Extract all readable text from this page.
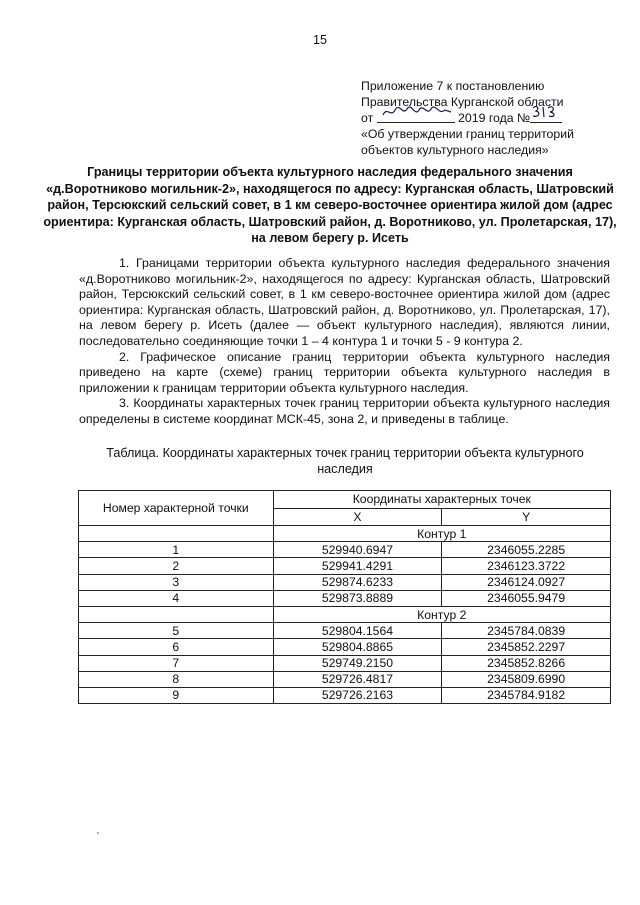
15
Приложение 7 к постановлению
Правительства Курганской области
от	2019 года №
«Об утверждении границ территорий
объектов культурного наследия»
Границы территории объекта культурного наследия федерального значения «д.Воротниково могильник-2», находящегося по адресу: Курганская область, Шатровский район, Терсюкский сельский совет, в 1 км северо-восточнее ориентира жилой дом (адрес ориентира: Курганская область, Шатровский район, д. Воротниково, ул. Пролетарская, 17), на левом берегу р. Исеть

1. Границами территории объекта культурного наследия федерального значения «д.Воротниково могильник-2», находящегося по адресу: Курганская область, Шатровский район, Терсюкский сельский совет, в 1 км северо-восточнее ориентира жилой дом (адрес ориентира: Курганская область, Шатровский район, д. Воротниково, ул. Пролетарская, 17), на левом берегу р. Исеть (далее — объект культурного наследия), являются линии, последовательно соединяющие точки 1 – 4 контура 1 и точки 5 - 9 контура 2.

2. Графическое описание границ территории объекта культурного наследия приведено на карте (схеме) границ территории объекта культурного наследия в приложении к границам территории объекта культурного наследия.

3. Координаты характерных точек границ территории объекта культурного наследия определены в системе координат МСК-45, зона 2, и приведены в таблице.

Таблица. Координаты характерных точек границ территории объекта культурного наследия
Номер характерной точки	Координаты характерных точек	
	X	Y
	Контур 1	
1	529940.6947	2346055.2285
2	529941.4291	2346123.3722
3	529874.6233	2346124.0927
4	529873.8889	2346055.9479
	Контур 2	
5	529804.1564	2345784.0839
6	529804.8865	2345852.2297
7	529749.2150	2345852.8266
8	529726.4817	2345809.6990
9	529726.2163	2345784.9182
